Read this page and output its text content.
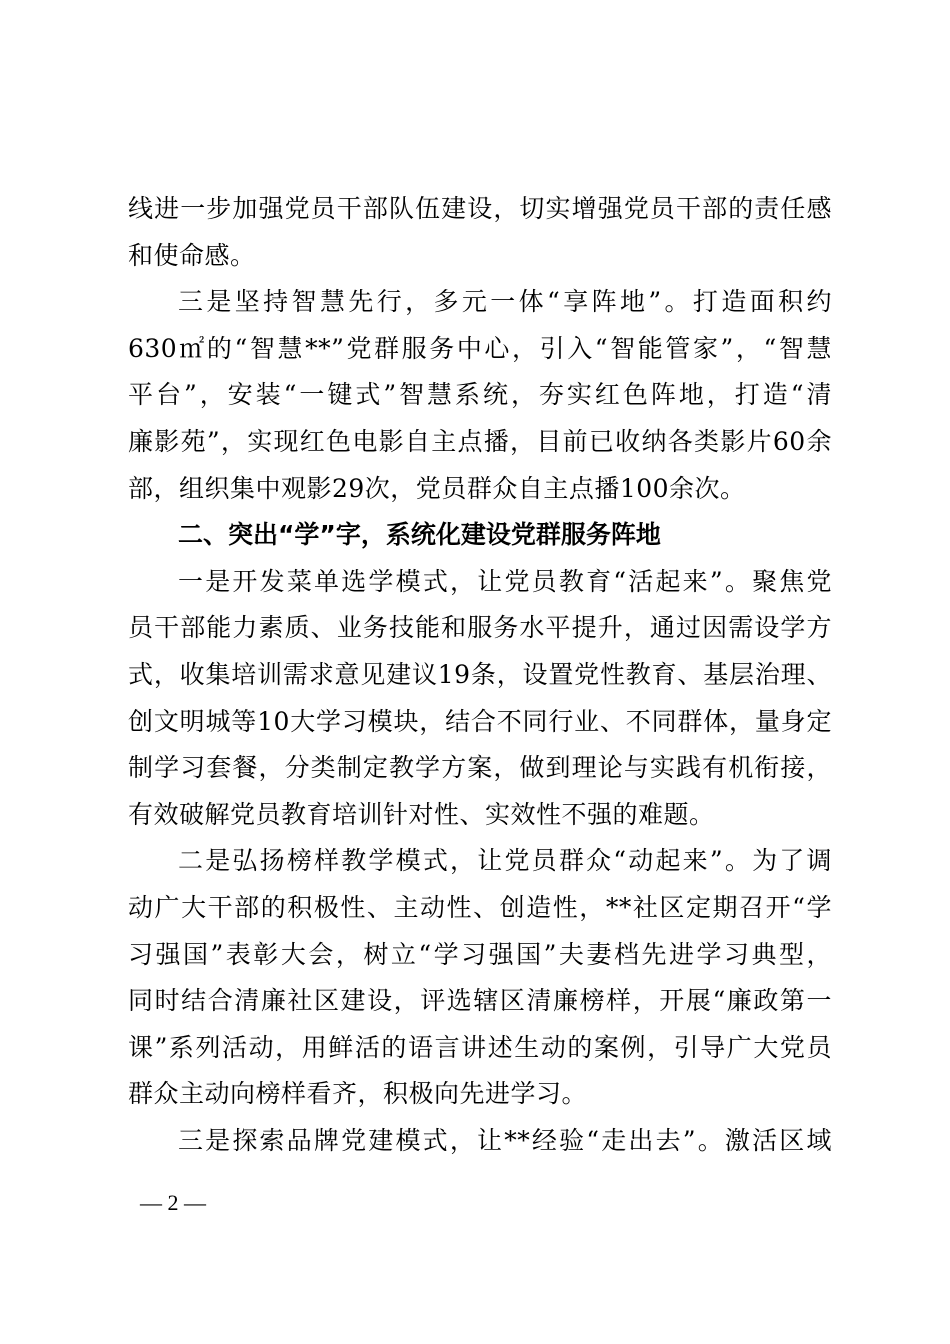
线进一步加强党员干部队伍建设，切实增强党员干部的责任感
和使命感。
三是坚持智慧先行，多元一体“享阵地”。打造面积约
630㎡的“智慧**”党群服务中心，引入“智能管家”，“智慧
平台”，安装“一键式”智慧系统，夯实红色阵地，打造“清
廉影苑”，实现红色电影自主点播，目前已收纳各类影片60余
部，组织集中观影29次，党员群众自主点播100余次。
二、突出“学”字，系统化建设党群服务阵地
一是开发菜单选学模式，让党员教育“活起来”。聚焦党
员干部能力素质、业务技能和服务水平提升，通过因需设学方
式，收集培训需求意见建议19条，设置党性教育、基层治理、
创文明城等10大学习模块，结合不同行业、不同群体，量身定
制学习套餐，分类制定教学方案，做到理论与实践有机衔接，
有效破解党员教育培训针对性、实效性不强的难题。
二是弘扬榜样教学模式，让党员群众“动起来”。为了调
动广大干部的积极性、主动性、创造性，**社区定期召开“学
习强国”表彰大会，树立“学习强国”夫妻档先进学习典型，
同时结合清廉社区建设，评选辖区清廉榜样，开展“廉政第一
课”系列活动，用鲜活的语言讲述生动的案例，引导广大党员
群众主动向榜样看齐，积极向先进学习。
三是探索品牌党建模式，让**经验“走出去”。激活区域
— 2 —
